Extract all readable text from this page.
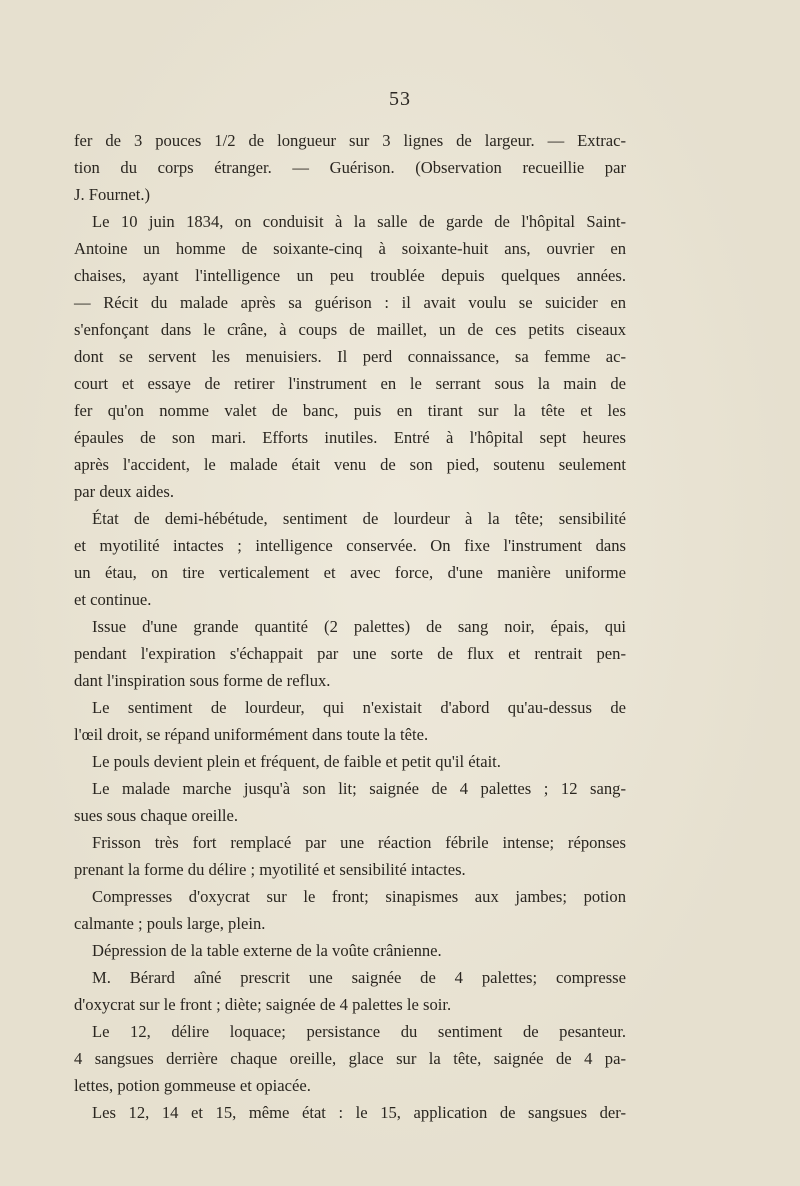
53
fer de 3 pouces 1/2 de longueur sur 3 lignes de largeur. — Extrac-
tion du corps étranger. — Guérison. (Observation recueillie par
J. Fournet.)
Le 10 juin 1834, on conduisit à la salle de garde de l'hôpital Saint-
Antoine un homme de soixante-cinq à soixante-huit ans, ouvrier en
chaises, ayant l'intelligence un peu troublée depuis quelques années.
— Récit du malade après sa guérison : il avait voulu se suicider en
s'enfonçant dans le crâne, à coups de maillet, un de ces petits ciseaux
dont se servent les menuisiers. Il perd connaissance, sa femme ac-
court et essaye de retirer l'instrument en le serrant sous la main de
fer qu'on nomme valet de banc, puis en tirant sur la tête et les
épaules de son mari. Efforts inutiles. Entré à l'hôpital sept heures
après l'accident, le malade était venu de son pied, soutenu seulement
par deux aides.
État de demi-hébétude, sentiment de lourdeur à la tête; sensibilité
et myotilité intactes ; intelligence conservée. On fixe l'instrument dans
un étau, on tire verticalement et avec force, d'une manière uniforme
et continue.
Issue d'une grande quantité (2 palettes) de sang noir, épais, qui
pendant l'expiration s'échappait par une sorte de flux et rentrait pen-
dant l'inspiration sous forme de reflux.
Le sentiment de lourdeur, qui n'existait d'abord qu'au-dessus de
l'œil droit, se répand uniformément dans toute la tête.
Le pouls devient plein et fréquent, de faible et petit qu'il était.
Le malade marche jusqu'à son lit; saignée de 4 palettes ; 12 sang-
sues sous chaque oreille.
Frisson très fort remplacé par une réaction fébrile intense; réponses
prenant la forme du délire ; myotilité et sensibilité intactes.
Compresses d'oxycrat sur le front; sinapismes aux jambes; potion
calmante ; pouls large, plein.
Dépression de la table externe de la voûte crânienne.
M. Bérard aîné prescrit une saignée de 4 palettes; compresse
d'oxycrat sur le front ; diète; saignée de 4 palettes le soir.
Le 12, délire loquace; persistance du sentiment de pesanteur.
4 sangsues derrière chaque oreille, glace sur la tête, saignée de 4 pa-
lettes, potion gommeuse et opiacée.
Les 12, 14 et 15, même état : le 15, application de sangsues der-
